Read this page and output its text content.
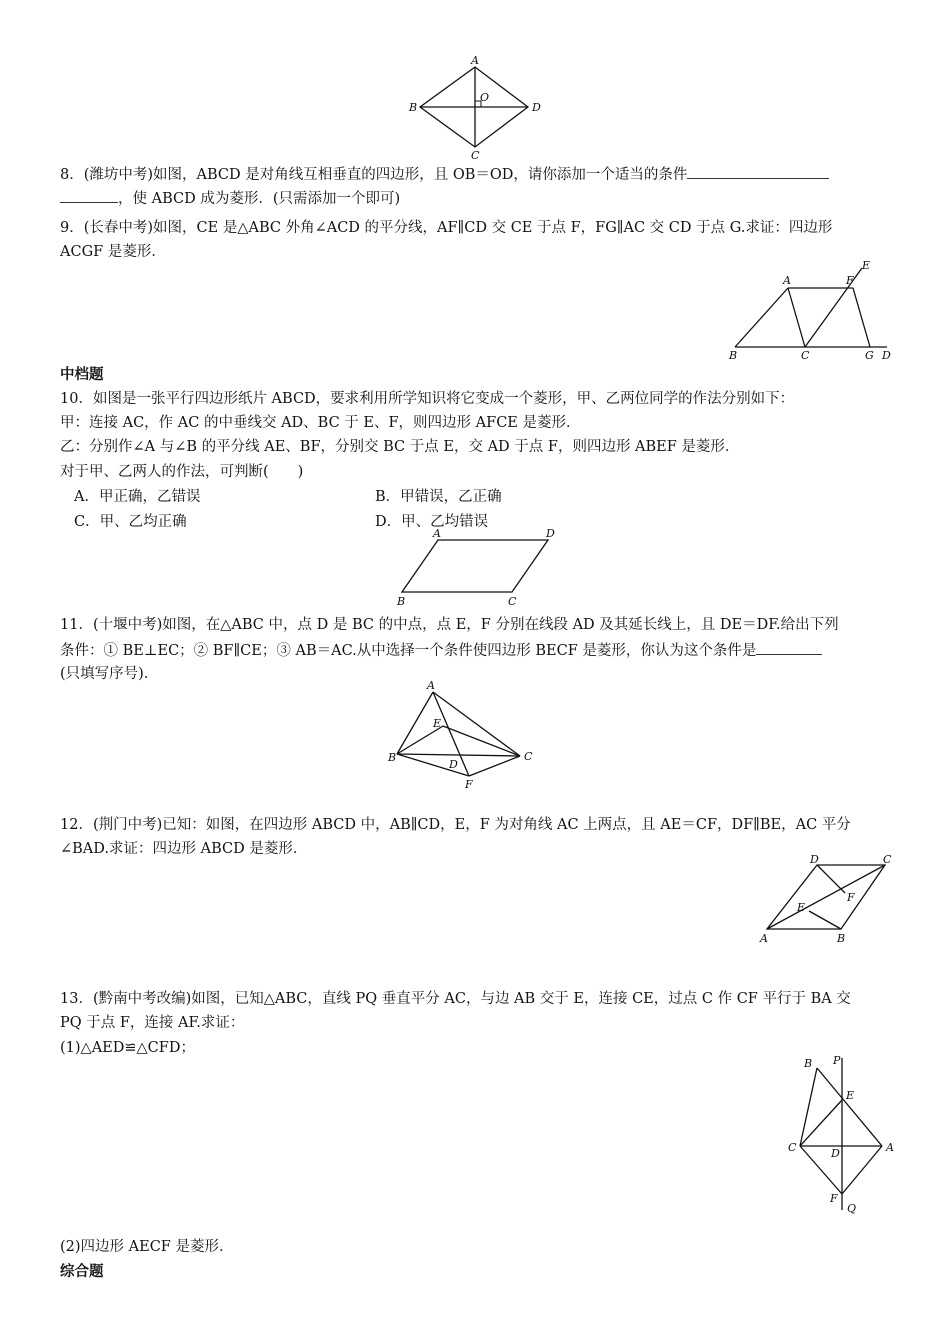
A
B
C
D
O
8．(潍坊中考)如图，ABCD 是对角线互相垂直的四边形，且 OB＝OD，请你添加一个适当的条件
，使 ABCD 成为菱形．(只需添加一个即可)
9．(长春中考)如图，CE 是△ABC 外角∠ACD 的平分线，AF∥CD 交 CE 于点 F，FG∥AC 交 CD 于点 G.求证：四边形
ACGF 是菱形．
A	F
E
B	C	G D
中档题
10．如图是一张平行四边形纸片 ABCD，要求利用所学知识将它变成一个菱形，甲、乙两位同学的作法分别如下：
甲：连接 AC，作 AC 的中垂线交 AD、BC 于 E、F，则四边形 AFCE 是菱形．
乙：分别作∠A 与∠B 的平分线 AE、BF，分别交 BC 于点 E，交 AD 于点 F，则四边形 ABEF 是菱形．
对于甲、乙两人的作法，可判断(　　)
A．甲正确，乙错误	B．甲错误，乙正确
C．甲、乙均正确	D．甲、乙均错误
A	D
B	C
11．(十堰中考)如图，在△ABC 中，点 D 是 BC 的中点，点 E，F 分别在线段 AD 及其延长线上，且 DE＝DF.给出下列
条件：① BE⊥EC；② BF∥CE；③ AB＝AC.从中选择一个条件使四边形 BECF 是菱形，你认为这个条件是
(只填写序号)．
A
E
B
D
C
F
12．(荆门中考)已知：如图，在四边形 ABCD 中，AB∥CD，E，F 为对角线 AC 上两点，且 AE＝CF，DF∥BE，AC 平分
∠BAD.求证：四边形 ABCD 是菱形．
D	C
F
E
A	B
13．(黔南中考改编)如图，已知△ABC，直线 PQ 垂直平分 AC，与边 AB 交于 E，连接 CE，过点 C 作 CF 平行于 BA 交
PQ 于点 F，连接 AF.求证：
(1)△AED≌△CFD；
B P
E
C	D	A
F
Q
(2)四边形 AECF 是菱形．
综合题
